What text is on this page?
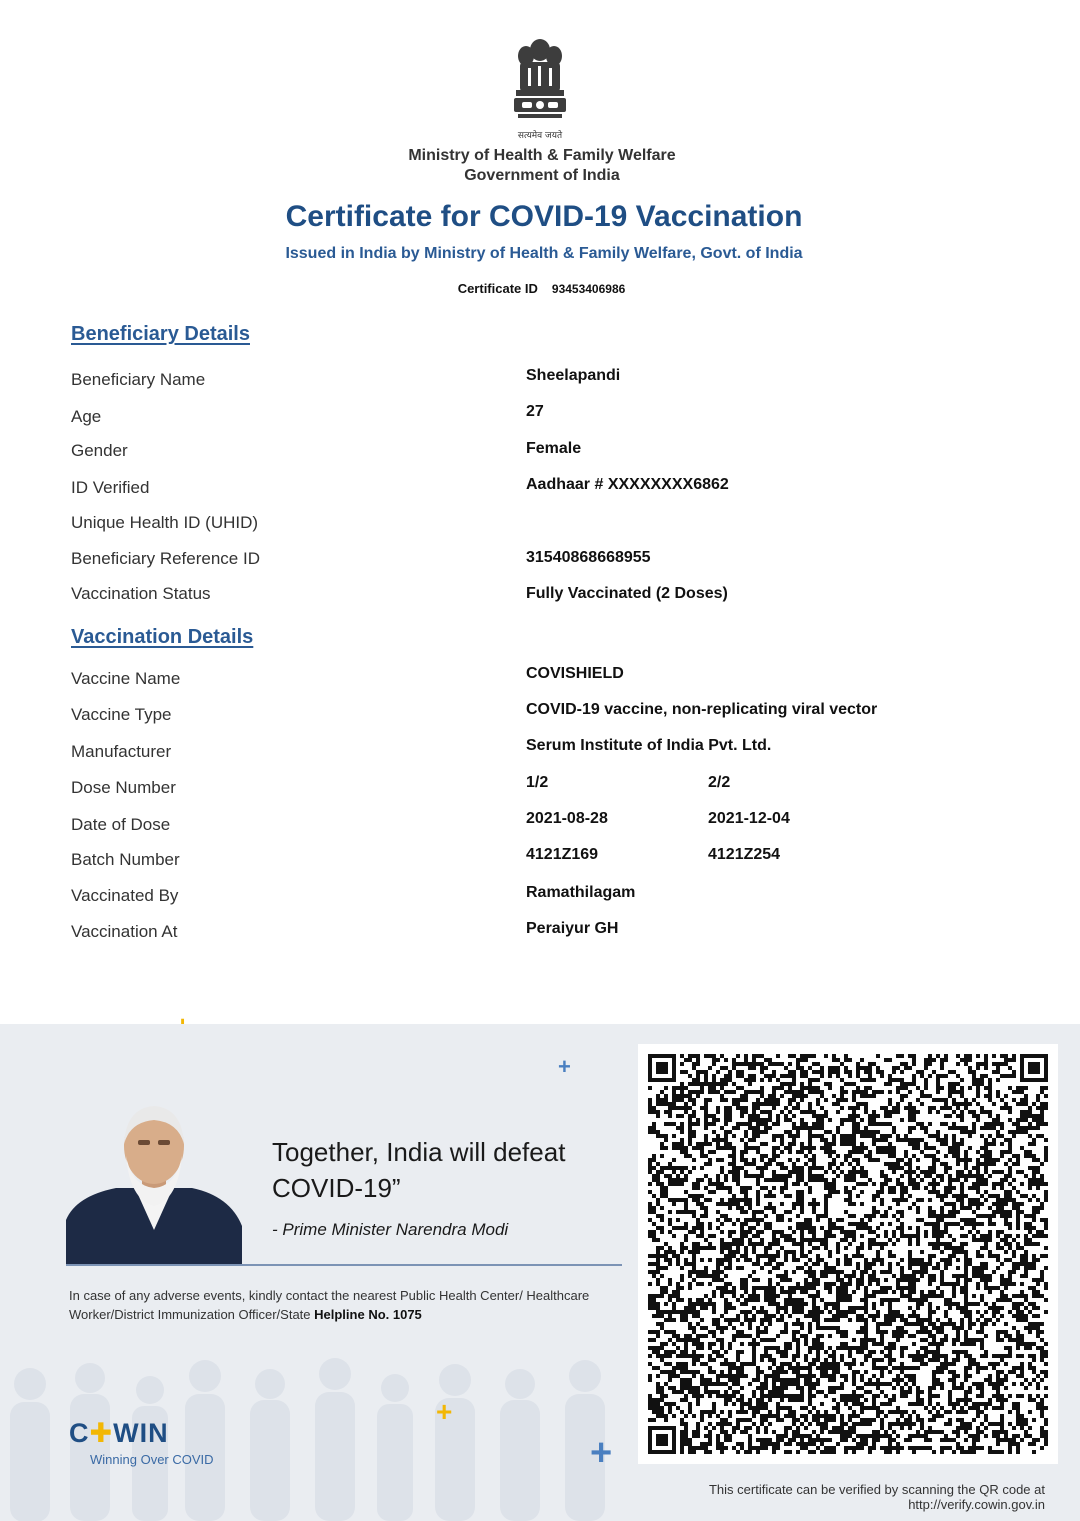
सत्यमेव जयते
Ministry of Health & Family Welfare
Government of India
Certificate for COVID-19 Vaccination
Issued in India by Ministry of Health & Family Welfare, Govt. of India
Certificate ID 93453406986
Beneficiary Details
Beneficiary Name	Sheelapandi
Age	27
Gender	Female
ID Verified	Aadhaar # XXXXXXXX6862
Unique Health ID (UHID)
Beneficiary Reference ID	31540868668955
Vaccination Status	Fully Vaccinated (2 Doses)
Vaccination Details
Vaccine Name	COVISHIELD
Vaccine Type	COVID-19 vaccine, non-replicating viral vector
Manufacturer	Serum Institute of India Pvt. Ltd.
Dose Number	1/2	2/2
Date of Dose	2021-08-28	2021-12-04
Batch Number	4121Z169	4121Z254
Vaccinated By	Ramathilagam
Vaccination At	Peraiyur GH
+
+
+
Together, India will defeat COVID-19”
- Prime Minister Narendra Modi
In case of any adverse events, kindly contact the nearest Public Health Center/ Healthcare Worker/District Immunization Officer/State Helpline No. 1075
C✚WIN
Winning Over COVID
This certificate can be verified by scanning the QR code at
http://verify.cowin.gov.in
